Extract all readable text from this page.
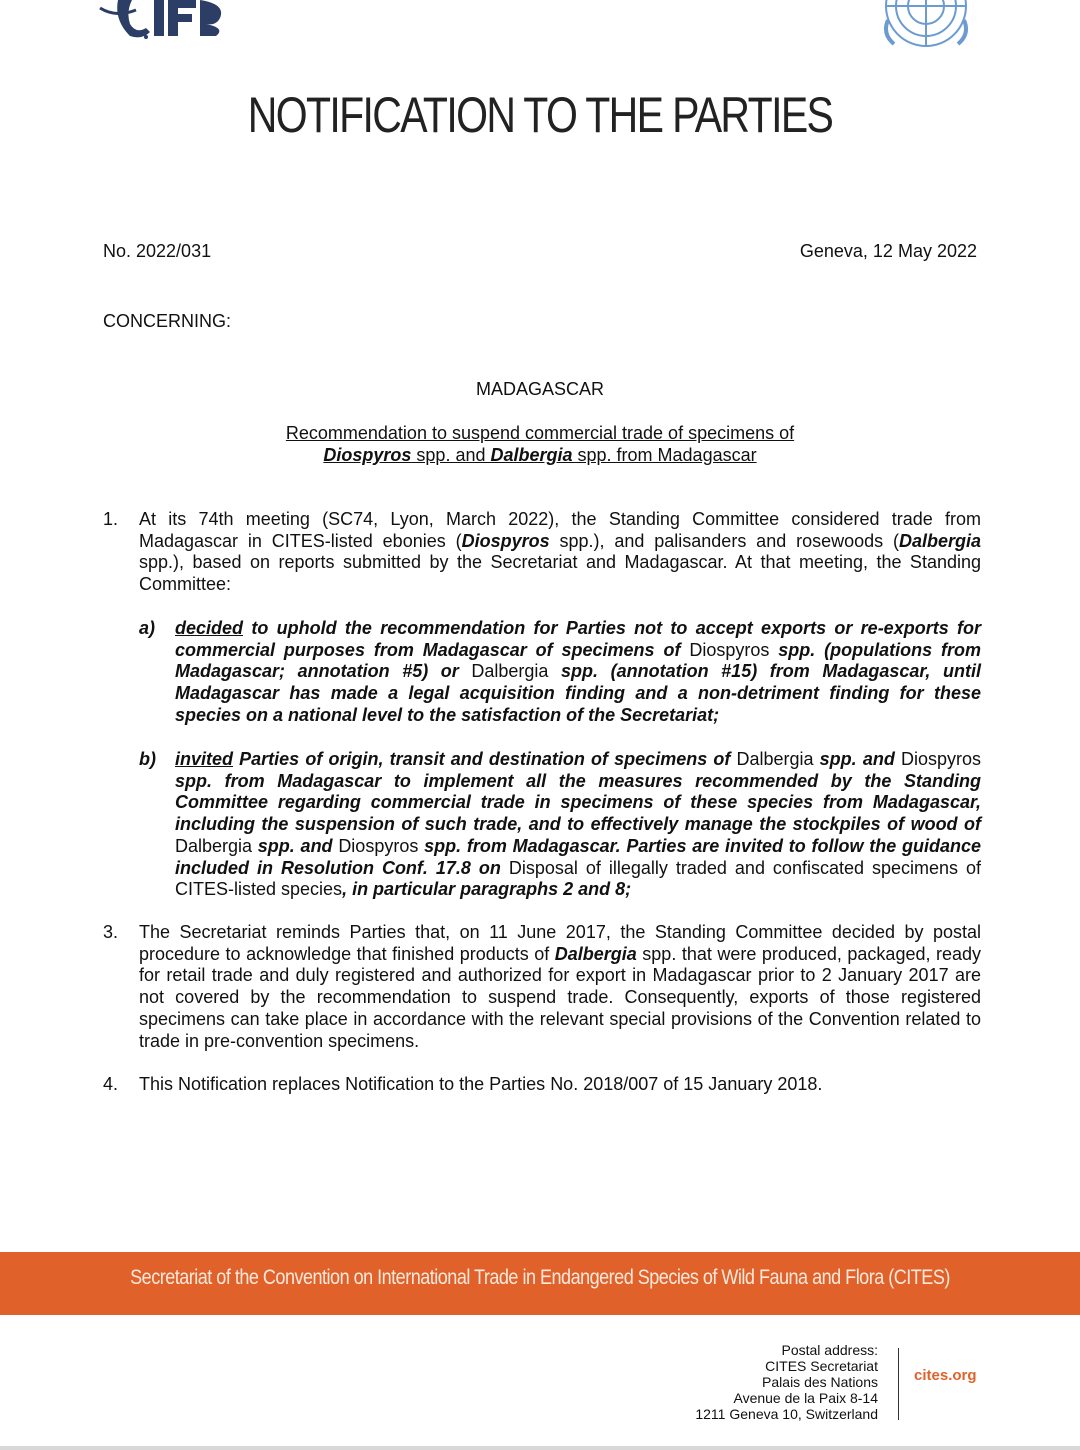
NOTIFICATION TO THE PARTIES
No. 2022/031	Geneva, 12 May 2022
CONCERNING:
MADAGASCAR
Recommendation to suspend commercial trade of specimens of
Diospyros spp. and Dalbergia spp. from Madagascar
1. At its 74th meeting (SC74, Lyon, March 2022), the Standing Committee considered trade from Madagascar in CITES-listed ebonies (Diospyros spp.), and palisanders and rosewoods (Dalbergia spp.), based on reports submitted by the Secretariat and Madagascar. At that meeting, the Standing Committee:
a) decided to uphold the recommendation for Parties not to accept exports or re-exports for commercial purposes from Madagascar of specimens of Diospyros spp. (populations from Madagascar; annotation #5) or Dalbergia spp. (annotation #15) from Madagascar, until Madagascar has made a legal acquisition finding and a non-detriment finding for these species on a national level to the satisfaction of the Secretariat;
b) invited Parties of origin, transit and destination of specimens of Dalbergia spp. and Diospyros spp. from Madagascar to implement all the measures recommended by the Standing Committee regarding commercial trade in specimens of these species from Madagascar, including the suspension of such trade, and to effectively manage the stockpiles of wood of Dalbergia spp. and Diospyros spp. from Madagascar. Parties are invited to follow the guidance included in Resolution Conf. 17.8 on Disposal of illegally traded and confiscated specimens of CITES-listed species, in particular paragraphs 2 and 8;
3. The Secretariat reminds Parties that, on 11 June 2017, the Standing Committee decided by postal procedure to acknowledge that finished products of Dalbergia spp. that were produced, packaged, ready for retail trade and duly registered and authorized for export in Madagascar prior to 2 January 2017 are not covered by the recommendation to suspend trade. Consequently, exports of those registered specimens can take place in accordance with the relevant special provisions of the Convention related to trade in pre-convention specimens.
4. This Notification replaces Notification to the Parties No. 2018/007 of 15 January 2018.
Secretariat of the Convention on International Trade in Endangered Species of Wild Fauna and Flora (CITES)
Postal address:
CITES Secretariat
Palais des Nations
Avenue de la Paix 8-14
1211 Geneva 10, Switzerland
cites.org
